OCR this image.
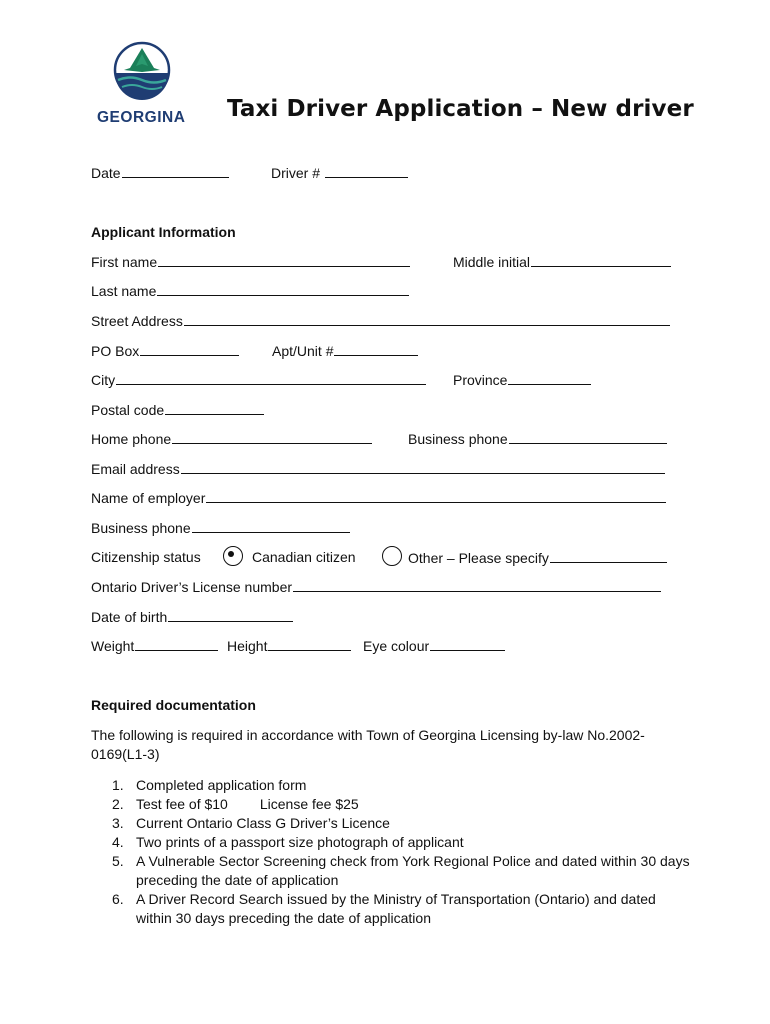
GEORGINA Taxi Driver Application – New driver
Date	Driver #
Applicant Information
First name	Middle initial
Last name
Street Address
PO Box	Apt/Unit #
City	Province
Postal code
Home phone	Business phone
Email address
Name of employer
Business phone
Citizenship status	Canadian citizen	Other – Please specify
Ontario Driver’s License number
Date of birth
Weight	Height	Eye colour
Required documentation
The following is required in accordance with Town of Georgina Licensing by-law No.2002-0169(L1-3)
1. Completed application form
2. Test fee of $10 License fee $25
3. Current Ontario Class G Driver’s Licence
4. Two prints of a passport size photograph of applicant
5. A Vulnerable Sector Screening check from York Regional Police and dated within 30 days preceding the date of application
6. A Driver Record Search issued by the Ministry of Transportation (Ontario) and dated within 30 days preceding the date of application
